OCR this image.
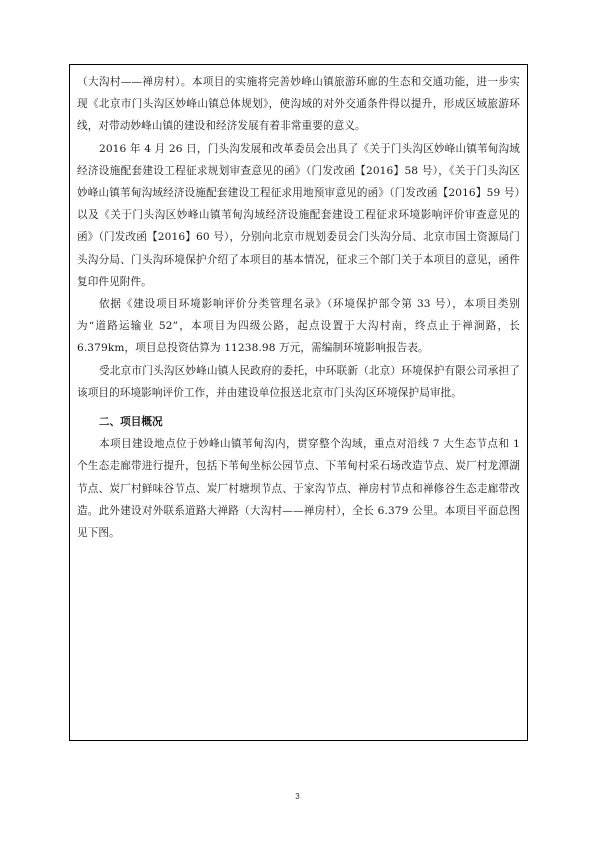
（大沟村——禅房村）。本项目的实施将完善妙峰山镇旅游环廊的生态和交通功能，进一步实现《北京市门头沟区妙峰山镇总体规划》，使沟域的对外交通条件得以提升，形成区域旅游环线，对带动妙峰山镇的建设和经济发展有着非常重要的意义。

2016 年 4 月 26 日，门头沟发展和改革委员会出具了《关于门头沟区妙峰山镇苇甸沟域经济设施配套建设工程征求规划审查意见的函》（门发改函【2016】58 号），《关于门头沟区妙峰山镇苇甸沟域经济设施配套建设工程征求用地预审意见的函》（门发改函【2016】59 号）以及《关于门头沟区妙峰山镇苇甸沟域经济设施配套建设工程征求环境影响评价审查意见的函》（门发改函【2016】60 号），分别向北京市规划委员会门头沟分局、北京市国土资源局门头沟分局、门头沟环境保护介绍了本项目的基本情况，征求三个部门关于本项目的意见，函件复印件见附件。

依据《建设项目环境影响评价分类管理名录》（环境保护部令第 33 号），本项目类别为“道路运输业 52”，本项目为四级公路，起点设置于大沟村南，终点止于禅涧路，长 6.379km，项目总投资估算为 11238.98 万元，需编制环境影响报告表。

受北京市门头沟区妙峰山镇人民政府的委托，中环联新（北京）环境保护有限公司承担了该项目的环境影响评价工作，并由建设单位报送北京市门头沟区环境保护局审批。

二、项目概况

本项目建设地点位于妙峰山镇苇甸沟内，贯穿整个沟域，重点对沿线 7 大生态节点和 1 个生态走廊带进行提升，包括下苇甸坐标公园节点、下苇甸村采石场改造节点、炭厂村龙潭湖节点、炭厂村鲜味谷节点、炭厂村塘坝节点、于家沟节点、禅房村节点和禅修谷生态走廊带改造。此外建设对外联系道路大禅路（大沟村——禅房村），全长 6.379 公里。本项目平面总图见下图。

3
